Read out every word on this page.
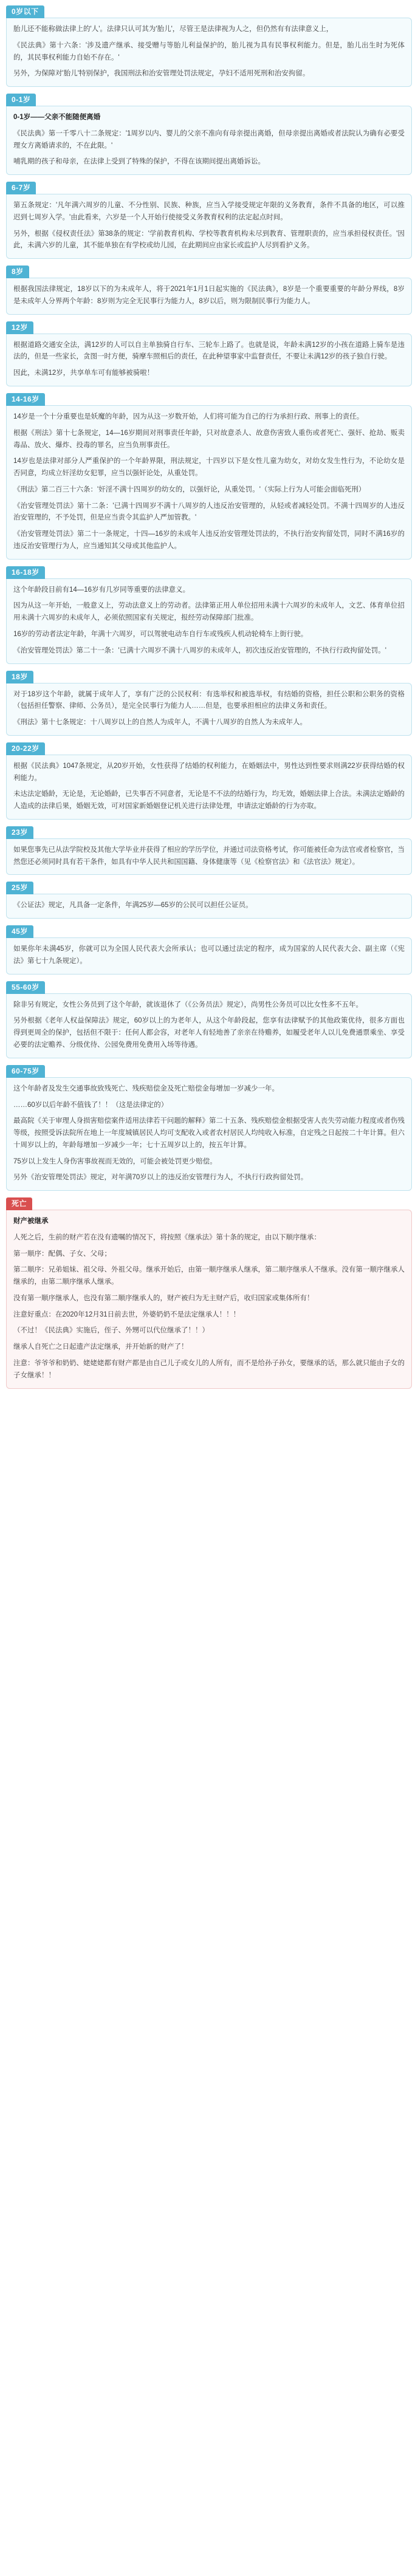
0岁以下

胎儿还不能称做法律上的'人'。法律只认可其为'胎儿'，尽管王是法律视为人之，但仍然有有法律意义上，

《民法典》第十六条：'涉及遗产继承、接受赠与等胎儿利益保护的，胎儿视为具有民事权利能力。但是，胎儿出生时为死体的，其民事权利能力自始不存在。'

另外，为保障对'胎儿'特别保护，我国刑法和治安管理处罚法规定，孕妇不适用死刑和治安拘留。

0-1岁

0-1岁——父亲不能随便离婚

《民法典》第一千零八十二条规定：'1周岁以内、婴儿的父亲不准向有母亲提出离婚，但母亲提出离婚或者法院认为确有必要受理女方离婚请求的，不在此限。'

哺乳期的孩子和母亲，在法律上受到了特殊的保护，不得在该期间提出离婚诉讼。

6-7岁

第五条规定：'凡年满六周岁的儿童、不分性别、民族、种族，应当入学接受规定年限的义务教育，条件不具备的地区，可以推迟到七周岁入学。'由此看来，六岁是一个人开始行使接受义务教育权利的法定起点时间。

另外，根据《侵权责任法》第38条的规定：'学前教育机构、学校等教育机构未尽到教育、管理职责的，应当承担侵权责任。'因此，未满六岁的儿童，其不能单独在有学校或幼儿园，在此期间应由家长或监护人尽到看护义务。

8岁

根据我国法律规定，18岁以下的为未成年人，将于2021年1月1日起实施的《民法典》，8岁是一个重要重要的年龄分界线，8岁是未成年人分界两个年龄：8岁则为完全无民事行为能力人，8岁以后，则为限制民事行为能力人。

12岁

根据道路交通安全法，满12岁的人可以自主单独骑自行车、三轮车上路了。也就是说，年龄未满12岁的小孩在道路上骑车是违法的，但是一些家长，贪图一时方便，骑摩车照相后的责任，在此种望事家中监督责任，不要让未满12岁的孩子独自行驶。

因此，未满12岁，共享单车可有能够被骑啦！

14-16岁

14岁是一个十分重要也是妖魔的年龄，因为从这一岁数开始，人们将可能为自己的行为承担行政、刑事上的责任。

根据《刑法》第十七条规定，14—16岁期间对刑事责任年龄，只对故意杀人、故意伤害致人重伤或者死亡、强奸、抢劫、贩卖毒品、放火、爆炸、投毒的罪名，应当负刑事责任。

14岁也是法律对部分人严重保护的一个年龄界限，刑法规定，十四岁以下是女性儿童为幼女，对幼女发生性行为，不论幼女是否同意，均成立奸淫幼女犯罪，应当以强奸论处，从重处罚。

《刑法》第二百三十六条：'奸淫不满十四周岁的幼女的，以强奸论，从重处罚。'（实际上行为人可能会面临死刑）

《治安管理处罚法》第十二条：'已满十四周岁不满十八周岁的人违反治安管理的，从轻或者减轻处罚。不满十四周岁的人违反治安管理的，不予处罚，但是应当责令其监护人严加管教。'

《治安管理处罚法》第二十一条规定，十四—16岁的未成年人违反治安管理处罚法的，不执行治安拘留处罚，同时不满16岁的违反治安管理行为人，应当通知其父母或其他监护人。

16-18岁

这个年龄段目前有14—16岁有几岁同等重要的法律意义。

因为从这一年开始，一般意义上，劳动法意义上的劳动者。法律第正用人单位招用未满十六周岁的未成年人，文艺、体育单位招用未满十六周岁的未成年人，必须依照国家有关规定，报经劳动保障部门批准。

16岁的劳动者法定年龄，年满十六周岁，可以驾驶电动车自行车或残疾人机动轮椅车上街行驶。

《治安管理处罚法》第二十一条：'已满十六周岁不满十八周岁的未成年人，初次违反治安管理的，不执行行政拘留处罚。'

18岁

对于18岁这个年龄，就属于成年人了，享有广泛的公民权利：有选举权和被选举权，有结婚的资格，担任公职和公职务的资格（包括担任警察、律师、公务员），是完全民事行为能力人……但是，也要承担相应的法律义务和责任。

《刑法》第十七条规定：十八周岁以上的自然人为成年人，不满十八周岁的自然人为未成年人。

20-22岁

根据《民法典》1047条规定，从20岁开始，女性获得了结婚的权利能力，在婚姻法中，男性达到性要求则满22岁获得结婚的权利能力。

未达法定婚龄，无论是，无论婚龄，已失事否不同意者，无论是不不法的结婚行为，均无效，婚姻法律上合法。未满法定婚龄的人造成的法律后果，婚姻无效，可对国家新婚姻登记机关进行法律处理，申请法定婚龄的行为亦取。

23岁

如果您事先已从法学院校及其他大学毕业并获得了相应的学历学位，并通过司法资格考试，你可能被任命为法官或者检察官，当然您还必须同时具有若干条件，如具有中华人民共和国国籍、身体健康等（见《检察官法》和《法官法》规定）。

25岁

《公证法》规定，凡具备一定条件，年满25岁—65岁的公民可以担任公证员。

45岁

如果你年未满45岁，你就可以为全国人民代表大会所承认；也可以通过法定的程序，成为国家的人民代表大会、副主席（《宪法》第七十九条规定）。

55-60岁

除非另有规定，女性公务员到了这个年龄，就该退休了（《公务员法》规定），尚男性公务员可以比女性多不五年。

另外根据《老年人权益保障法》规定，60岁以上的为老年人，从这个年龄段起，您享有法律赋予的其他政策优待，很多方面也得到更周全的保护，包括但不限于：任何人都会容，对老年人有轻地善了亲亲在待赡养，如履受老年人以儿免费通票乘坐、享受必要的法定赡养、分级优待、公园免费用免费用入场等待遇。

60-75岁

这个年龄者及发生交通事故致残死亡、残疾赔偿金及死亡赔偿金每增加一岁减少一年。

……60岁以后年龄不值钱了！！（这是法律定的）

最高院《关于审理人身损害赔偿案件适用法律若干问题的解释》第二十五条、残疾赔偿金根据受害人丧失劳动能力程度或者伤残等级，按照受诉法院所在地上一年度城镇居民人均可支配收入或者农村居民人均纯收入标准，自定残之日起按二十年计算。但六十周岁以上的，年龄每增加一岁减少一年；七十五周岁以上的，按五年计算。

75岁以上发生人身伤害事故视而无效的，可能会被处罚更少赔偿。

另外《治安管理处罚法》规定，对年满70岁以上的违反治安管理行为人，不执行行政拘留处罚。

死亡

财产被继承

人死之后，生前的财产若在没有遗嘱的情况下，将按照《继承法》第十条的规定，由以下顺序继承：

第一顺序：配偶、子女、父母；

第二顺序：兄弟姐妹、祖父母、外祖父母。继承开始后，由第一顺序继承人继承，第二顺序继承人不继承。没有第一顺序继承人继承的，由第二顺序继承人继承。

没有第一顺序继承人，也没有第二顺序继承人的，财产被归为无主财产后，收归国家或集体所有！

注意好重点：在2020年12月31日前去世，外婆奶奶不是法定继承人！！！

（不过！《民法典》实施后，侄子、外甥可以代位继承了！！）

继承人自死亡之日起遗产法定继承，并开始新的财产了！

注意：爷爷爷和奶奶、姥姥姥都有财产都是由自己儿子或女儿的人所有，而不是给孙子孙女，要继承的话，那么就只能由子女的子女继承！！
